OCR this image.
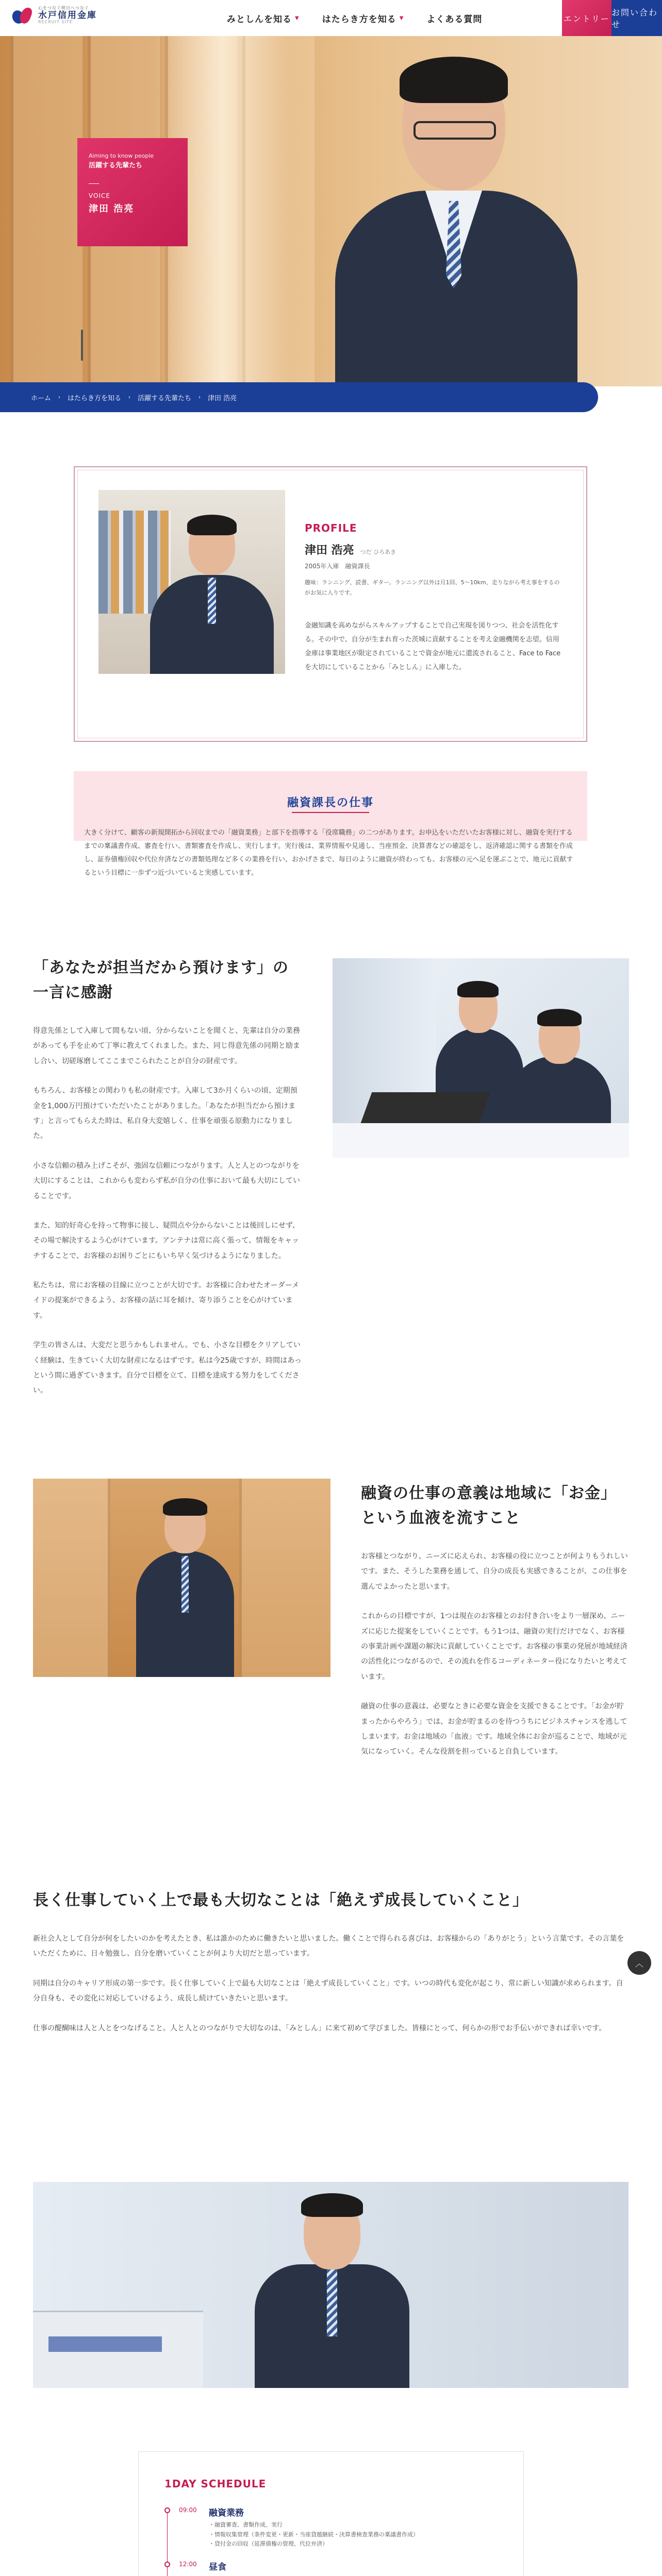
心をつなぐ明日へつなぐ
水戸信用金庫
RECRUIT SITE	みとしんを知る ▼	はたらき方を知る ▼	よくある質問	エントリー
お問い合わせ
Aiming to know people
活躍する先輩たち
VOICE
津田 浩亮
ホーム › はたらき方を知る › 活躍する先輩たち › 津田 浩亮
PROFILE
津田 浩亮 つだ ひろあき
2005年入庫　融資課長
趣味：ランニング、読書、ギター。ランニング以外は月1回、5〜10km、走りながら考え事をするのがお気に入りです。
金融知識を高めながらスキルアップすることで自己実現を図りつつ、社会を活性化する。その中で、自分が生まれ育った茨城に貢献することを考え金融機関を志望。信用金庫は事業地区が限定されていることで資金が地元に還流されること、Face to Faceを大切にしていることから「みとしん」に入庫した。
融資課長の仕事
大きく分けて、顧客の新規開拓から回収までの「融資業務」と部下を指導する「役席職務」の二つがあります。お申込をいただいたお客様に対し、融資を実行するまでの稟議書作成、審査を行い、書類審査を作成し、実行します。実行後は、業界情報や見通し、当座預金、決算書などの確認をし、返済確認に関する書類を作成し、証券債権回収や代位弁済などの書類処理など多くの業務を行い、おかげさまで、毎日のように融資が終わっても、お客様の元へ足を運ぶことで、地元に貢献するという目標に一歩ずつ近づいていると実感しています。
「あなたが担当だから預けます」の一言に感謝

得意先係として入庫して間もない頃、分からないことを聞くと、先輩は自分の業務があっても手を止めて丁寧に教えてくれました。また、同じ得意先係の同期と励まし合い、切磋琢磨してここまでこられたことが自分の財産です。

もちろん、お客様との関わりも私の財産です。入庫して3か月くらいの頃、定期預金を1,000万円預けていただいたことがありました。「あなたが担当だから預けます」と言ってもらえた時は、私自身大変嬉しく、仕事を頑張る原動力になりました。

小さな信頼の積み上げこそが、強固な信頼につながります。人と人とのつながりを大切にすることは、これからも変わらず私が自分の仕事において最も大切にしていることです。

また、知的好奇心を持って物事に接し、疑問点や分からないことは後回しにせず、その場で解決するよう心がけています。アンテナは常に高く張って、情報をキャッチすることで、お客様のお困りごとにもいち早く気づけるようになりました。

私たちは、常にお客様の目線に立つことが大切です。お客様に合わせたオーダーメイドの提案ができるよう、お客様の話に耳を傾け、寄り添うことを心がけています。

学生の皆さんは、大変だと思うかもしれません。でも、小さな目標をクリアしていく経験は、生きていく大切な財産になるはずです。私は今25歳ですが、時間はあっという間に過ぎていきます。自分で目標を立て、目標を達成する努力をしてください。

融資の仕事の意義は地域に「お金」という血液を流すこと

お客様とつながり、ニーズに応えられ、お客様の役に立つことが何よりもうれしいです。また、そうした業務を通して、自分の成長も実感できることが、この仕事を選んでよかったと思います。

これからの目標ですが、1つは現在のお客様とのお付き合いをより一層深め、ニーズに応じた提案をしていくことです。もう1つは、融資の実行だけでなく、お客様の事業計画や課題の解決に貢献していくことです。お客様の事業の発展が地域経済の活性化につながるので、その流れを作るコーディネーター役になりたいと考えています。

融資の仕事の意義は、必要なときに必要な資金を支援できることです。「お金が貯まったからやろう」では、お金が貯まるのを待つうちにビジネスチャンスを逃してしまいます。お金は地域の「血液」です。地域全体にお金が巡ることで、地域が元気になっていく。そんな役割を担っていると自負しています。

長く仕事していく上で最も大切なことは「絶えず成長していくこと」

新社会人として自分が何をしたいのかを考えたとき、私は誰かのために働きたいと思いました。働くことで得られる喜びは、お客様からの「ありがとう」という言葉です。その言葉をいただくために、日々勉強し、自分を磨いていくことが何より大切だと思っています。

同期は自分のキャリア形成の第一歩です。長く仕事していく上で最も大切なことは「絶えず成長していくこと」です。いつの時代も変化が起こり、常に新しい知識が求められます。自分自身も、その変化に対応していけるよう、成長し続けていきたいと思います。

仕事の醍醐味は人と人とをつなげること。人と人とのつながりで大切なのは、「みとしん」に来て初めて学びました。皆様にとって、何らかの形でお手伝いができれば幸いです。

︿
1DAY SCHEDULE
09:00	融資業務
・融資審査、書類作成、実行
・情報収集管理（条件変更・更新・当座貸越継続・決算書検査業務の稟議書作成）
・貸付金の回収（延滞債権の管理、代位弁済）
12:00	昼食
